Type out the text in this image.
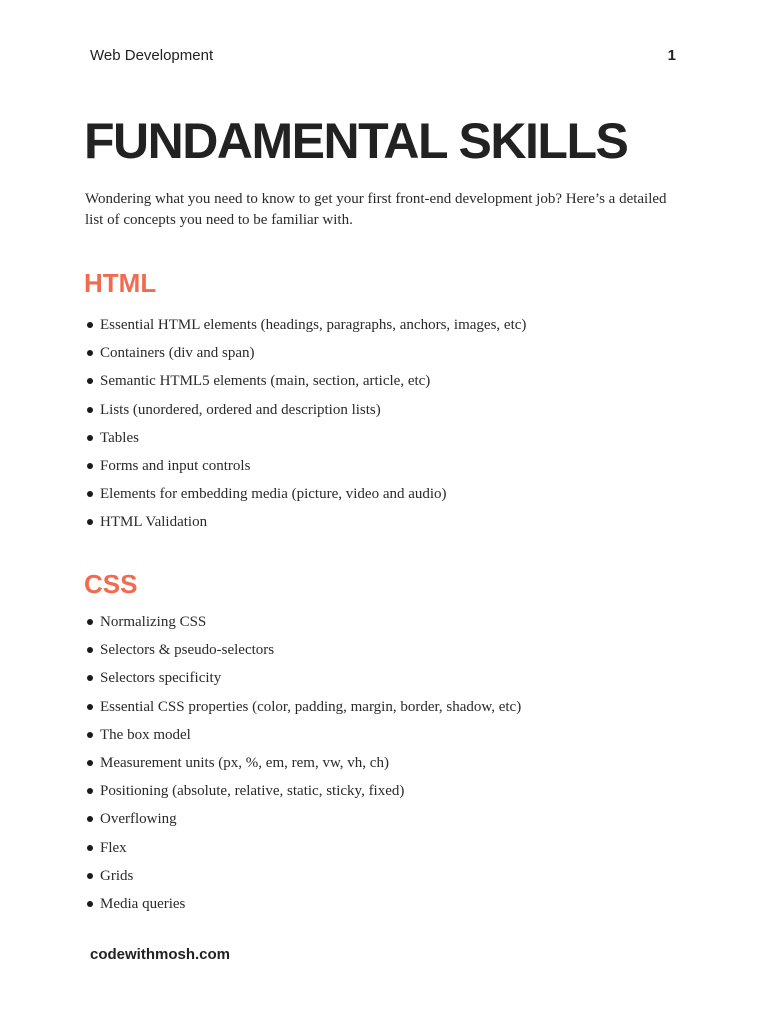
Web Development	1
FUNDAMENTAL SKILLS

Wondering what you need to know to get your first front-end development job? Here’s a detailed list of concepts you need to be familiar with.

HTML
Essential HTML elements (headings, paragraphs, anchors, images, etc)
Containers (div and span)
Semantic HTML5 elements (main, section, article, etc)
Lists (unordered, ordered and description lists)
Tables
Forms and input controls
Elements for embedding media (picture, video and audio)
HTML Validation
CSS
Normalizing CSS
Selectors & pseudo-selectors
Selectors specificity
Essential CSS properties (color, padding, margin, border, shadow, etc)
The box model
Measurement units (px, %, em, rem, vw, vh, ch)
Positioning (absolute, relative, static, sticky, fixed)
Overflowing
Flex
Grids
Media queries
codewithmosh.com
